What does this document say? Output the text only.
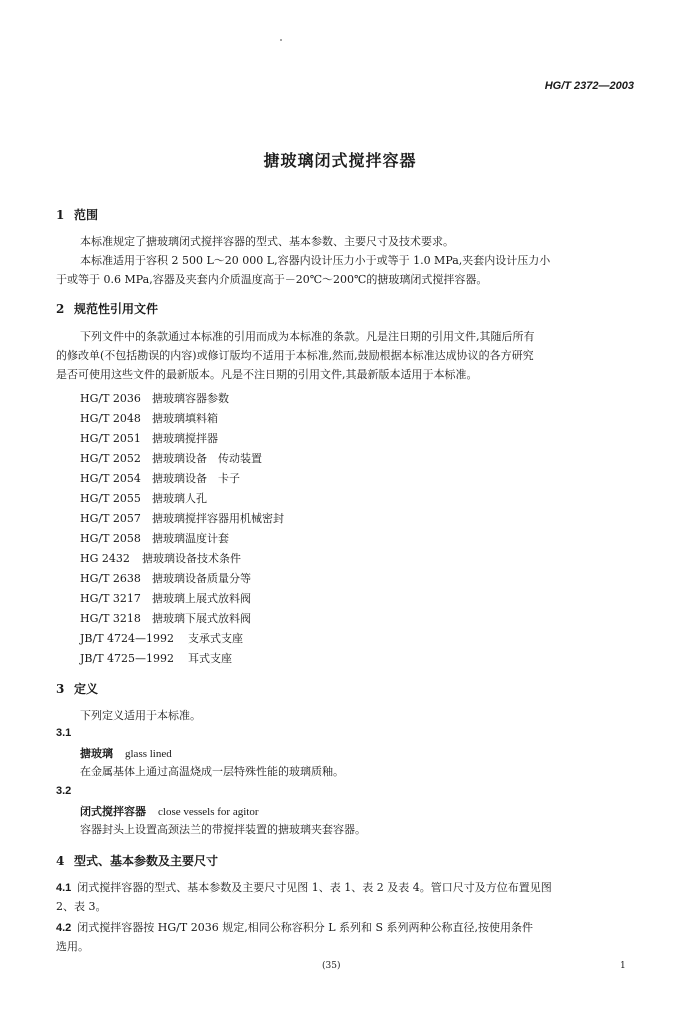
HG/T 2372—2003
搪玻璃闭式搅拌容器
1 范围
本标准规定了搪玻璃闭式搅拌容器的型式、基本参数、主要尺寸及技术要求。
本标准适用于容积 2 500 L～20 000 L,容器内设计压力小于或等于 1.0 MPa,夹套内设计压力小
于或等于 0.6 MPa,容器及夹套内介质温度高于－20℃～200℃的搪玻璃闭式搅拌容器。
2 规范性引用文件
下列文件中的条款通过本标准的引用而成为本标准的条款。凡是注日期的引用文件,其随后所有
的修改单(不包括勘误的内容)或修订版均不适用于本标准,然而,鼓励根据本标准达成协议的各方研究
是否可使用这些文件的最新版本。凡是不注日期的引用文件,其最新版本适用于本标准。
HG/T 2036 搪玻璃容器参数
HG/T 2048 搪玻璃填料箱
HG/T 2051 搪玻璃搅拌器
HG/T 2052 搪玻璃设备　传动装置
HG/T 2054 搪玻璃设备　卡子
HG/T 2055 搪玻璃人孔
HG/T 2057 搪玻璃搅拌容器用机械密封
HG/T 2058 搪玻璃温度计套
HG 2432 搪玻璃设备技术条件
HG/T 2638 搪玻璃设备质量分等
HG/T 3217 搪玻璃上展式放料阀
HG/T 3218 搪玻璃下展式放料阀
JB/T 4724—1992 支承式支座
JB/T 4725—1992 耳式支座
3 定义
下列定义适用于本标准。
3.1
搪玻璃 glass lined
在金属基体上通过高温烧成一层特殊性能的玻璃质釉。
3.2
闭式搅拌容器 close vessels for agitor
容器封头上设置高颈法兰的带搅拌装置的搪玻璃夹套容器。
4 型式、基本参数及主要尺寸
4.1 闭式搅拌容器的型式、基本参数及主要尺寸见图 1、表 1、表 2 及表 4。管口尺寸及方位布置见图
2、表 3。
4.2 闭式搅拌容器按 HG/T 2036 规定,相同公称容积分 L 系列和 S 系列两种公称直径,按使用条件
选用。
(35)	1
